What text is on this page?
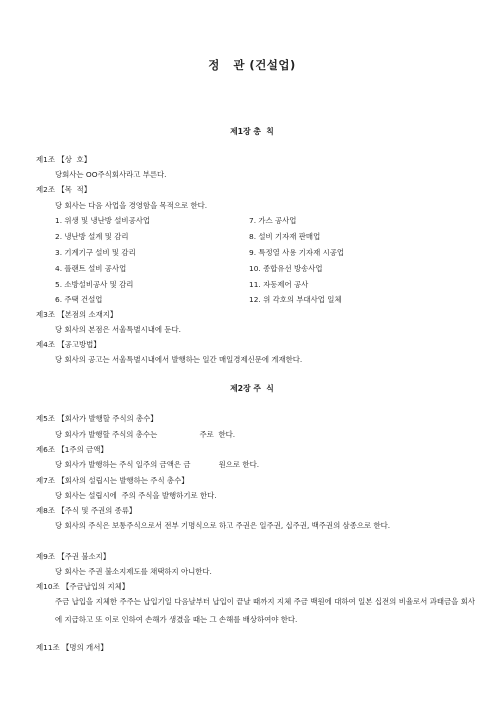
정   관 (건설업)
제1장 총  칙
제1조 【상  호】
당회사는 OO주식회사라고 부른다.
제2조 【목  적】
당 회사는 다음 사업을 경영함을 목적으로 한다.
1. 위생 및 냉난방 설비공사업	7. 가스 공사업
2. 냉난방 설계 및 감리	8. 설비 기자재 판매업
3. 기계기구 설비 및 감리	9. 특정열 사용 기자재 시공업
4. 플랜트 설비 공사업	10. 종합유선 방송사업
5. 소방설비공사 및 감리	11. 자동제어 공사
6. 주택 건설업	12. 위 각호의 부대사업 일체
제3조 【본점의 소재지】
당 회사의 본점은 서울특별시내에 둔다.
제4조 【공고방법】
당 회사의 공고는 서울특별시내에서 발행하는 일간 매일경제신문에 게재한다.
제2장 주  식
제5조 【회사가 발행할 주식의 총수】
당 회사가 발행할 주식의 총수는                  주로  한다.
제6조 【1주의 금액】
당 회사가 발행하는 주식 일주의 금액은 금            원으로 한다.
제7조 【회사의 설립시는 발행하는 주식 총수】
당 회사는 설립시에  주의 주식을 발행하기로 한다.
제8조 【주식 및 주권의 종류】
당 회사의 주식은 보통주식으로서 전부 기명식으로 하고 주권은 일주권, 십주권, 백주권의 삼종으로 한다.
제9조 【주권 불소지】
당 회사는 주권 불소지제도를 채택하지 아니한다.
제10조 【주금납입의 지체】
주금 납입을 지체한 주주는 납입기일 다음날부터 납입이 끝날 때까지 지체 주금 백원에 대하여 일본 십전의 비율로서 과태금을 회사에 지급하고 또 이로 인하여 손해가 생겼을 때는 그 손해를 배상하여야 한다.
제11조 【명의 개서】
